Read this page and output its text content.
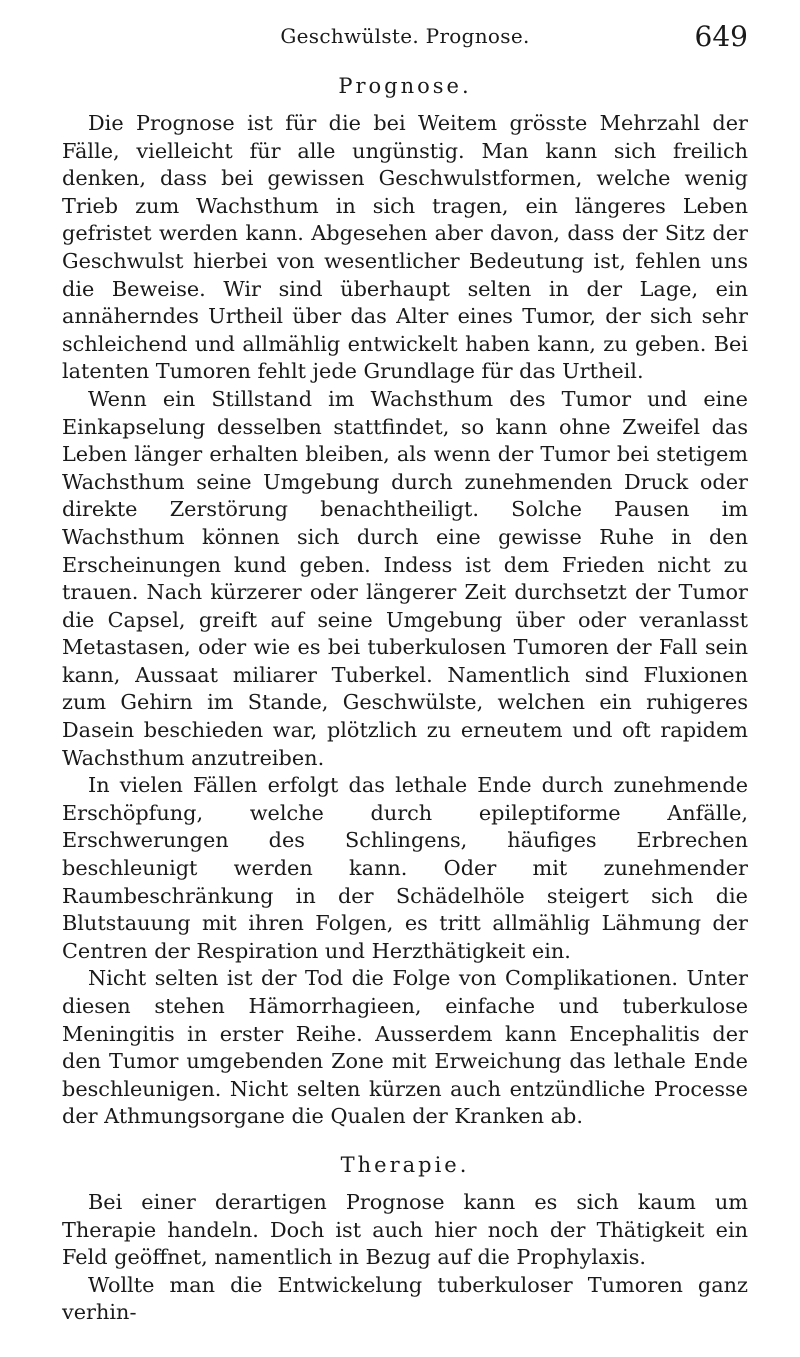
Geschwülste. Prognose.	649
Prognose.

Die Prognose ist für die bei Weitem grösste Mehrzahl der Fälle, vielleicht für alle ungünstig. Man kann sich freilich denken, dass bei gewissen Geschwulstformen, welche wenig Trieb zum Wachsthum in sich tragen, ein längeres Leben gefristet werden kann. Abgesehen aber davon, dass der Sitz der Geschwulst hierbei von wesentlicher Bedeutung ist, fehlen uns die Beweise. Wir sind überhaupt selten in der Lage, ein annäherndes Urtheil über das Alter eines Tumor, der sich sehr schleichend und allmählig entwickelt haben kann, zu geben. Bei latenten Tumoren fehlt jede Grundlage für das Urtheil.

Wenn ein Stillstand im Wachsthum des Tumor und eine Einkapselung desselben stattfindet, so kann ohne Zweifel das Leben länger erhalten bleiben, als wenn der Tumor bei stetigem Wachsthum seine Umgebung durch zunehmenden Druck oder direkte Zerstörung benachtheiligt. Solche Pausen im Wachsthum können sich durch eine gewisse Ruhe in den Erscheinungen kund geben. Indess ist dem Frieden nicht zu trauen. Nach kürzerer oder längerer Zeit durchsetzt der Tumor die Capsel, greift auf seine Umgebung über oder veranlasst Metastasen, oder wie es bei tuberkulosen Tumoren der Fall sein kann, Aussaat miliarer Tuberkel. Namentlich sind Fluxionen zum Gehirn im Stande, Geschwülste, welchen ein ruhigeres Dasein beschieden war, plötzlich zu erneutem und oft rapidem Wachsthum anzutreiben.

In vielen Fällen erfolgt das lethale Ende durch zunehmende Erschöpfung, welche durch epileptiforme Anfälle, Erschwerungen des Schlingens, häufiges Erbrechen beschleunigt werden kann. Oder mit zunehmender Raumbeschränkung in der Schädelhöle steigert sich die Blutstauung mit ihren Folgen, es tritt allmählig Lähmung der Centren der Respiration und Herzthätigkeit ein.

Nicht selten ist der Tod die Folge von Complikationen. Unter diesen stehen Hämorrhagieen, einfache und tuberkulose Meningitis in erster Reihe. Ausserdem kann Encephalitis der den Tumor umgebenden Zone mit Erweichung das lethale Ende beschleunigen. Nicht selten kürzen auch entzündliche Processe der Athmungsorgane die Qualen der Kranken ab.

Therapie.

Bei einer derartigen Prognose kann es sich kaum um Therapie handeln. Doch ist auch hier noch der Thätigkeit ein Feld geöffnet, namentlich in Bezug auf die Prophylaxis.

Wollte man die Entwickelung tuberkuloser Tumoren ganz verhin-
